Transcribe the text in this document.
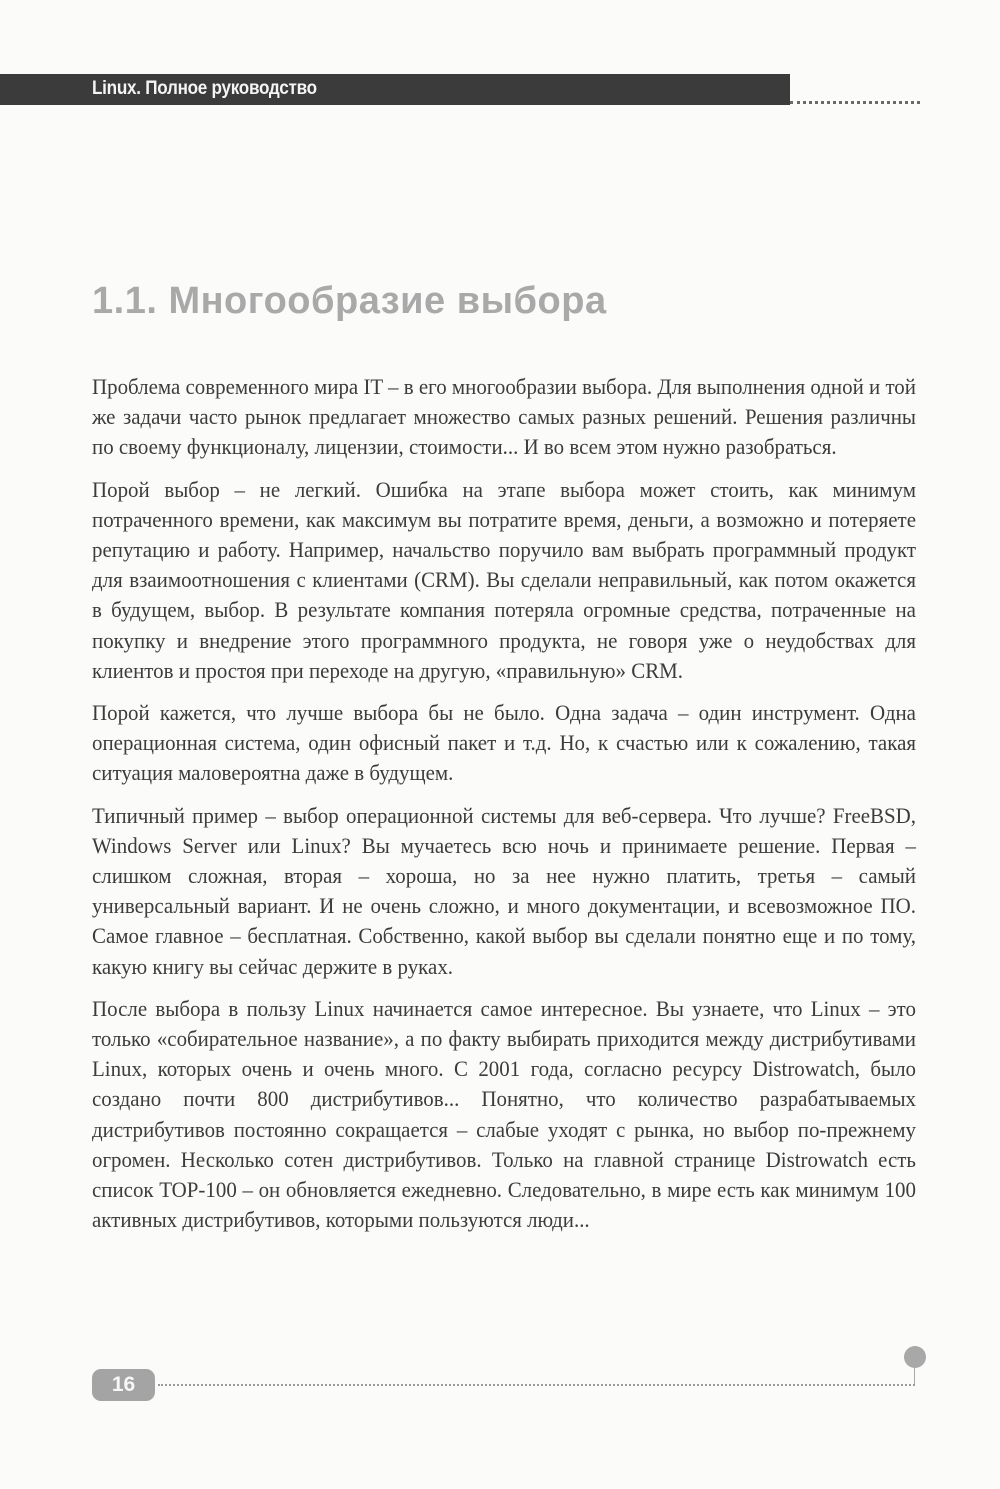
Linux. Полное руководство
1.1. Многообразие выбора

Проблема современного мира IT – в его многообразии выбора. Для выполнения одной и той же задачи часто рынок предлагает множество самых разных решений. Решения различны по своему функционалу, лицензии, стоимости... И во всем этом нужно разобраться.

Порой выбор – не легкий. Ошибка на этапе выбора может стоить, как минимум потраченного времени, как максимум вы потратите время, деньги, а возможно и потеряете репутацию и работу. Например, начальство поручило вам выбрать программный продукт для взаимоотношения с клиентами (CRM). Вы сделали неправильный, как потом окажется в будущем, выбор. В результате компания потеряла огромные средства, потраченные на покупку и внедрение этого программного продукта, не говоря уже о неудобствах для клиентов и простоя при переходе на другую, «правильную» CRM.

Порой кажется, что лучше выбора бы не было. Одна задача – один инструмент. Одна операционная система, один офисный пакет и т.д. Но, к счастью или к сожалению, такая ситуация маловероятна даже в будущем.

Типичный пример – выбор операционной системы для веб-сервера. Что лучше? FreeBSD, Windows Server или Linux? Вы мучаетесь всю ночь и принимаете решение. Первая – слишком сложная, вторая – хороша, но за нее нужно платить, третья – самый универсальный вариант. И не очень сложно, и много документации, и всевозможное ПО. Самое главное – бесплатная. Собственно, какой выбор вы сделали понятно еще и по тому, какую книгу вы сейчас держите в руках.

После выбора в пользу Linux начинается самое интересное. Вы узнаете, что Linux – это только «собирательное название», а по факту выбирать приходится между дистрибутивами Linux, которых очень и очень много. С 2001 года, согласно ресурсу Distrowatch, было создано почти 800 дистрибутивов... Понятно, что количество разрабатываемых дистрибутивов постоянно сокращается – слабые уходят с рынка, но выбор по-прежнему огромен. Несколько сотен дистрибутивов. Только на главной странице Distrowatch есть список TOP-100 – он обновляется ежедневно. Следовательно, в мире есть как минимум 100 активных дистрибутивов, которыми пользуются люди...

16
